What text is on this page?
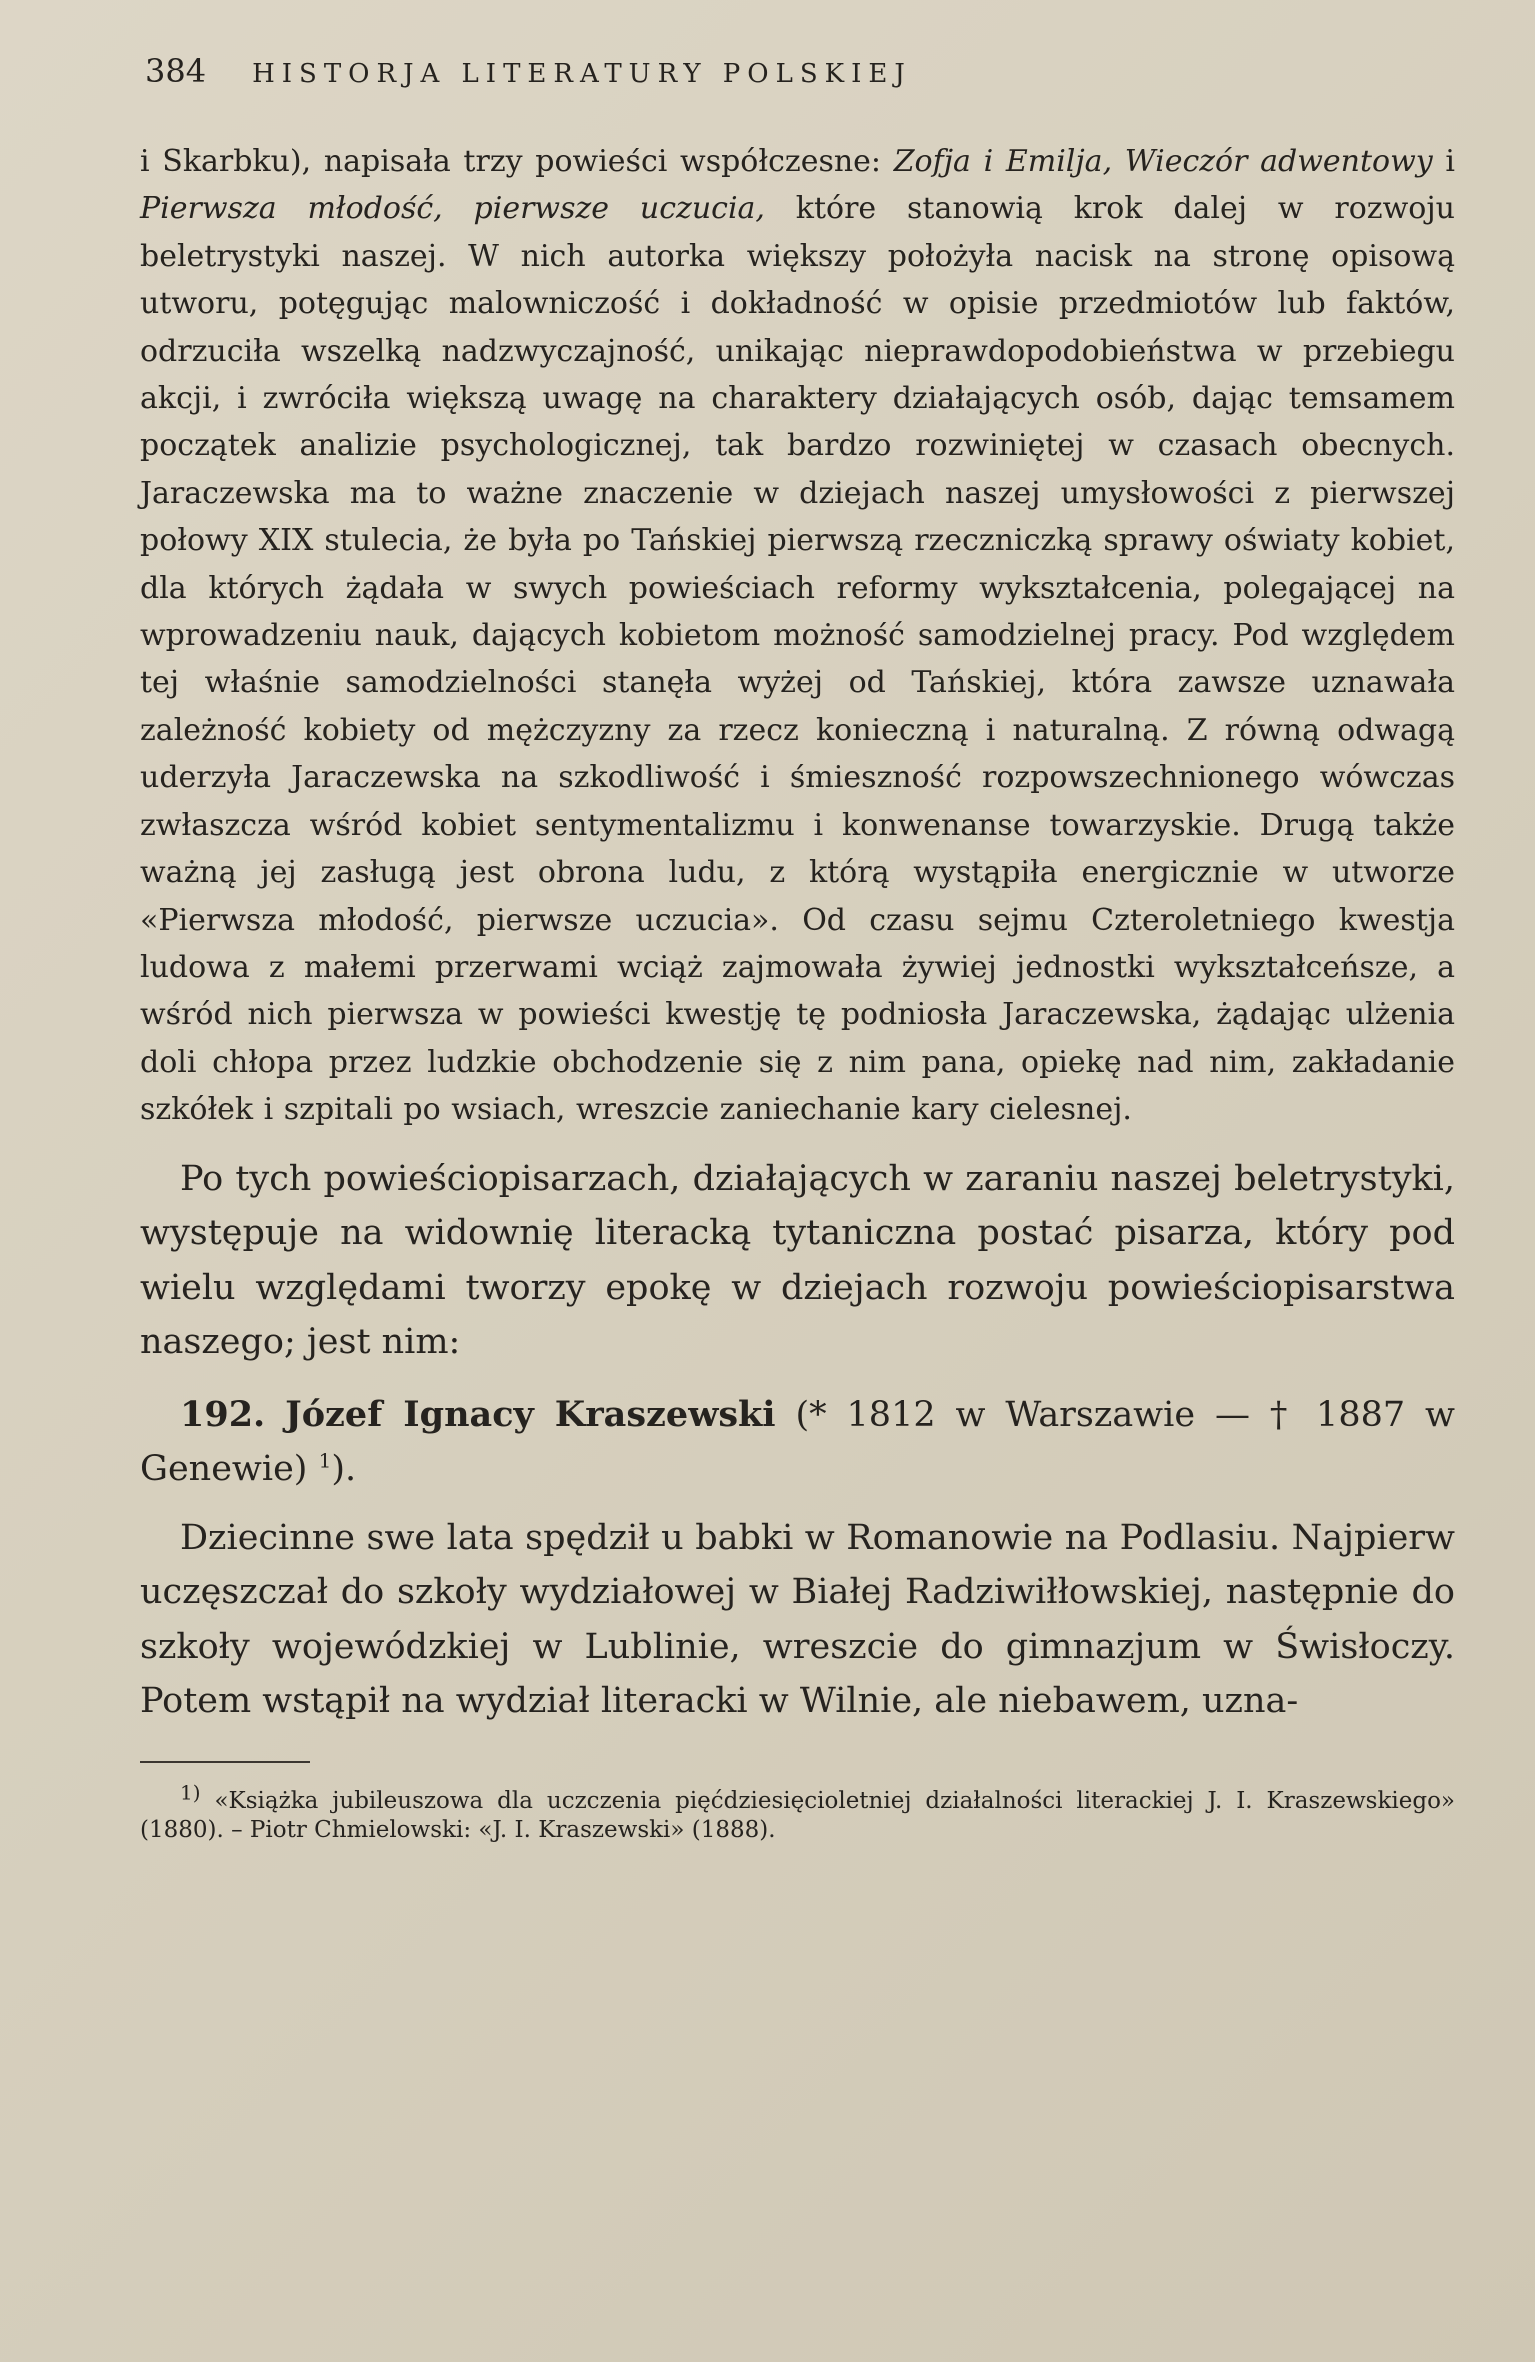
384 HISTORJA LITERATURY POLSKIEJ

i Skarbku), napisała trzy powieści współczesne: Zofja i Emilja, Wieczór adwentowy i Pierwsza młodość, pierwsze uczucia, które stanowią krok dalej w rozwoju beletrystyki naszej. W nich autorka większy położyła nacisk na stronę opisową utworu, potęgując malowniczość i dokładność w opisie przedmiotów lub faktów, odrzuciła wszelką nadzwyczajność, unikając nieprawdopodobieństwa w przebiegu akcji, i zwróciła większą uwagę na charaktery działających osób, dając temsamem początek analizie psychologicznej, tak bardzo rozwiniętej w czasach obecnych. Jaraczewska ma to ważne znaczenie w dziejach naszej umysłowości z pierwszej połowy XIX stulecia, że była po Tańskiej pierwszą rzeczniczką sprawy oświaty kobiet, dla których żądała w swych powieściach reformy wykształcenia, polegającej na wprowadzeniu nauk, dających kobietom możność samodzielnej pracy. Pod względem tej właśnie samodzielności stanęła wyżej od Tańskiej, która zawsze uznawała zależność kobiety od mężczyzny za rzecz konieczną i naturalną. Z równą odwagą uderzyła Jaraczewska na szkodliwość i śmieszność rozpowszechnionego wówczas zwłaszcza wśród kobiet sentymentalizmu i konwenanse towarzyskie. Drugą także ważną jej zasługą jest obrona ludu, z którą wystąpiła energicznie w utworze «Pierwsza młodość, pierwsze uczucia». Od czasu sejmu Czteroletniego kwestja ludowa z małemi przerwami wciąż zajmowała żywiej jednostki wykształceńsze, a wśród nich pierwsza w powieści kwestję tę podniosła Jaraczewska, żądając ulżenia doli chłopa przez ludzkie obchodzenie się z nim pana, opiekę nad nim, zakładanie szkółek i szpitali po wsiach, wreszcie zaniechanie kary cielesnej.

Po tych powieściopisarzach, działających w zaraniu naszej beletrystyki, występuje na widownię literacką tytaniczna postać pisarza, który pod wielu względami tworzy epokę w dziejach rozwoju powieściopisarstwa naszego; jest nim:

192. Józef Ignacy Kraszewski (* 1812 w Warszawie — † 1887 w Genewie) $^1$).

Dziecinne swe lata spędził u babki w Romanowie na Podlasiu. Najpierw uczęszczał do szkoły wydziałowej w Białej Radziwiłłowskiej, następnie do szkoły wojewódzkiej w Lublinie, wreszcie do gimnazjum w Świsłoczy. Potem wstąpił na wydział literacki w Wilnie, ale niebawem, uzna-

$^{1)}$ «Książka jubileuszowa dla uczczenia pięćdziesięcioletniej działalności literackiej J. I. Kraszewskiego» (1880). – Piotr Chmielowski: «J. I. Kraszewski» (1888).
